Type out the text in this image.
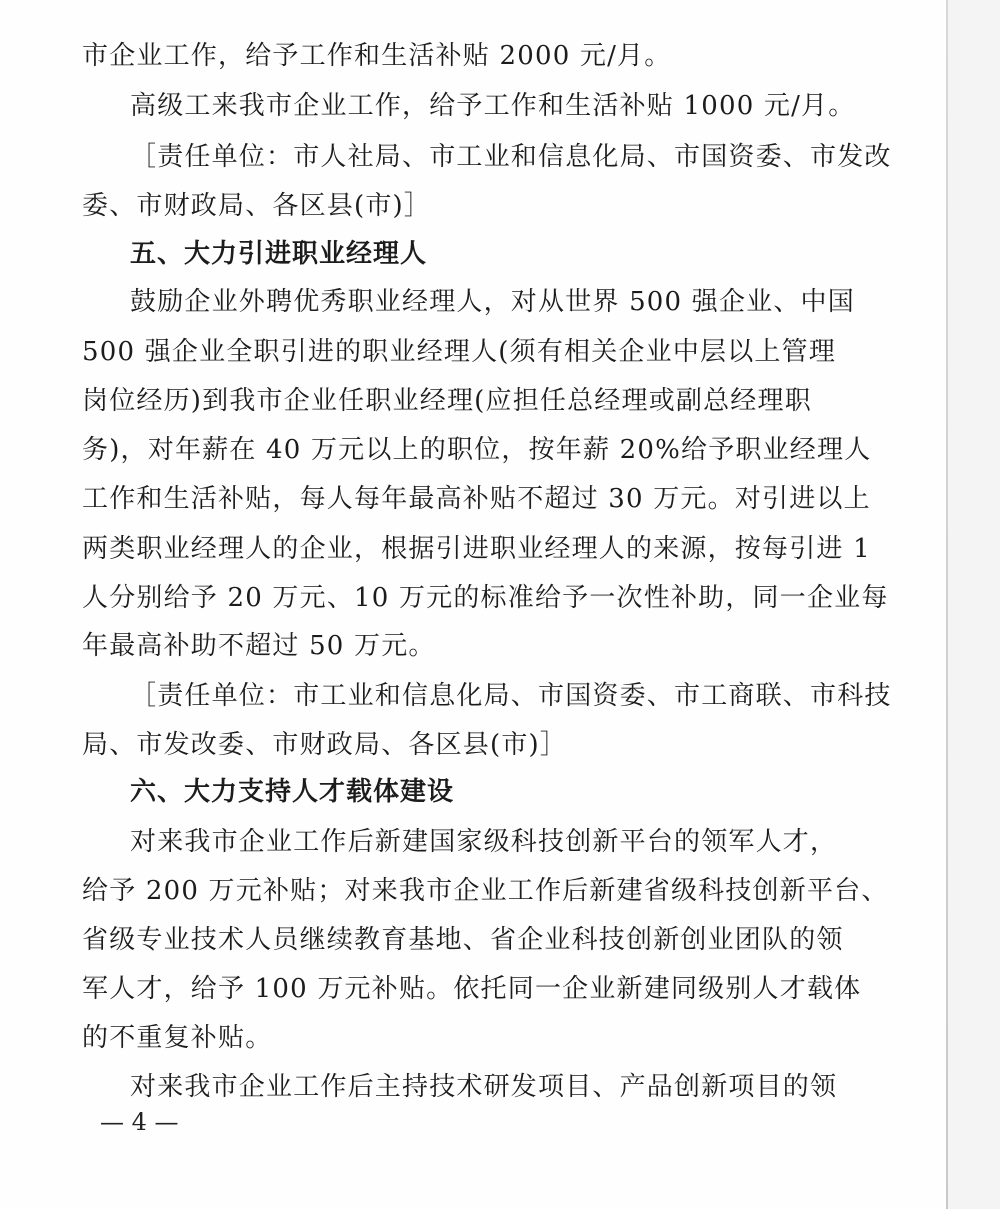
市企业工作，给予工作和生活补贴 2000 元/月。
高级工来我市企业工作，给予工作和生活补贴 1000 元/月。
［责任单位：市人社局、市工业和信息化局、市国资委、市发改
委、市财政局、各区县(市)］
五、大力引进职业经理人
鼓励企业外聘优秀职业经理人，对从世界 500 强企业、中国
500 强企业全职引进的职业经理人(须有相关企业中层以上管理
岗位经历)到我市企业任职业经理(应担任总经理或副总经理职
务)，对年薪在 40 万元以上的职位，按年薪 20%给予职业经理人
工作和生活补贴，每人每年最高补贴不超过 30 万元。对引进以上
两类职业经理人的企业，根据引进职业经理人的来源，按每引进 1
人分别给予 20 万元、10 万元的标准给予一次性补助，同一企业每
年最高补助不超过 50 万元。
［责任单位：市工业和信息化局、市国资委、市工商联、市科技
局、市发改委、市财政局、各区县(市)］
六、大力支持人才载体建设
对来我市企业工作后新建国家级科技创新平台的领军人才，
给予 200 万元补贴；对来我市企业工作后新建省级科技创新平台、
省级专业技术人员继续教育基地、省企业科技创新创业团队的领
军人才，给予 100 万元补贴。依托同一企业新建同级别人才载体
的不重复补贴。
对来我市企业工作后主持技术研发项目、产品创新项目的领
— 4 —
